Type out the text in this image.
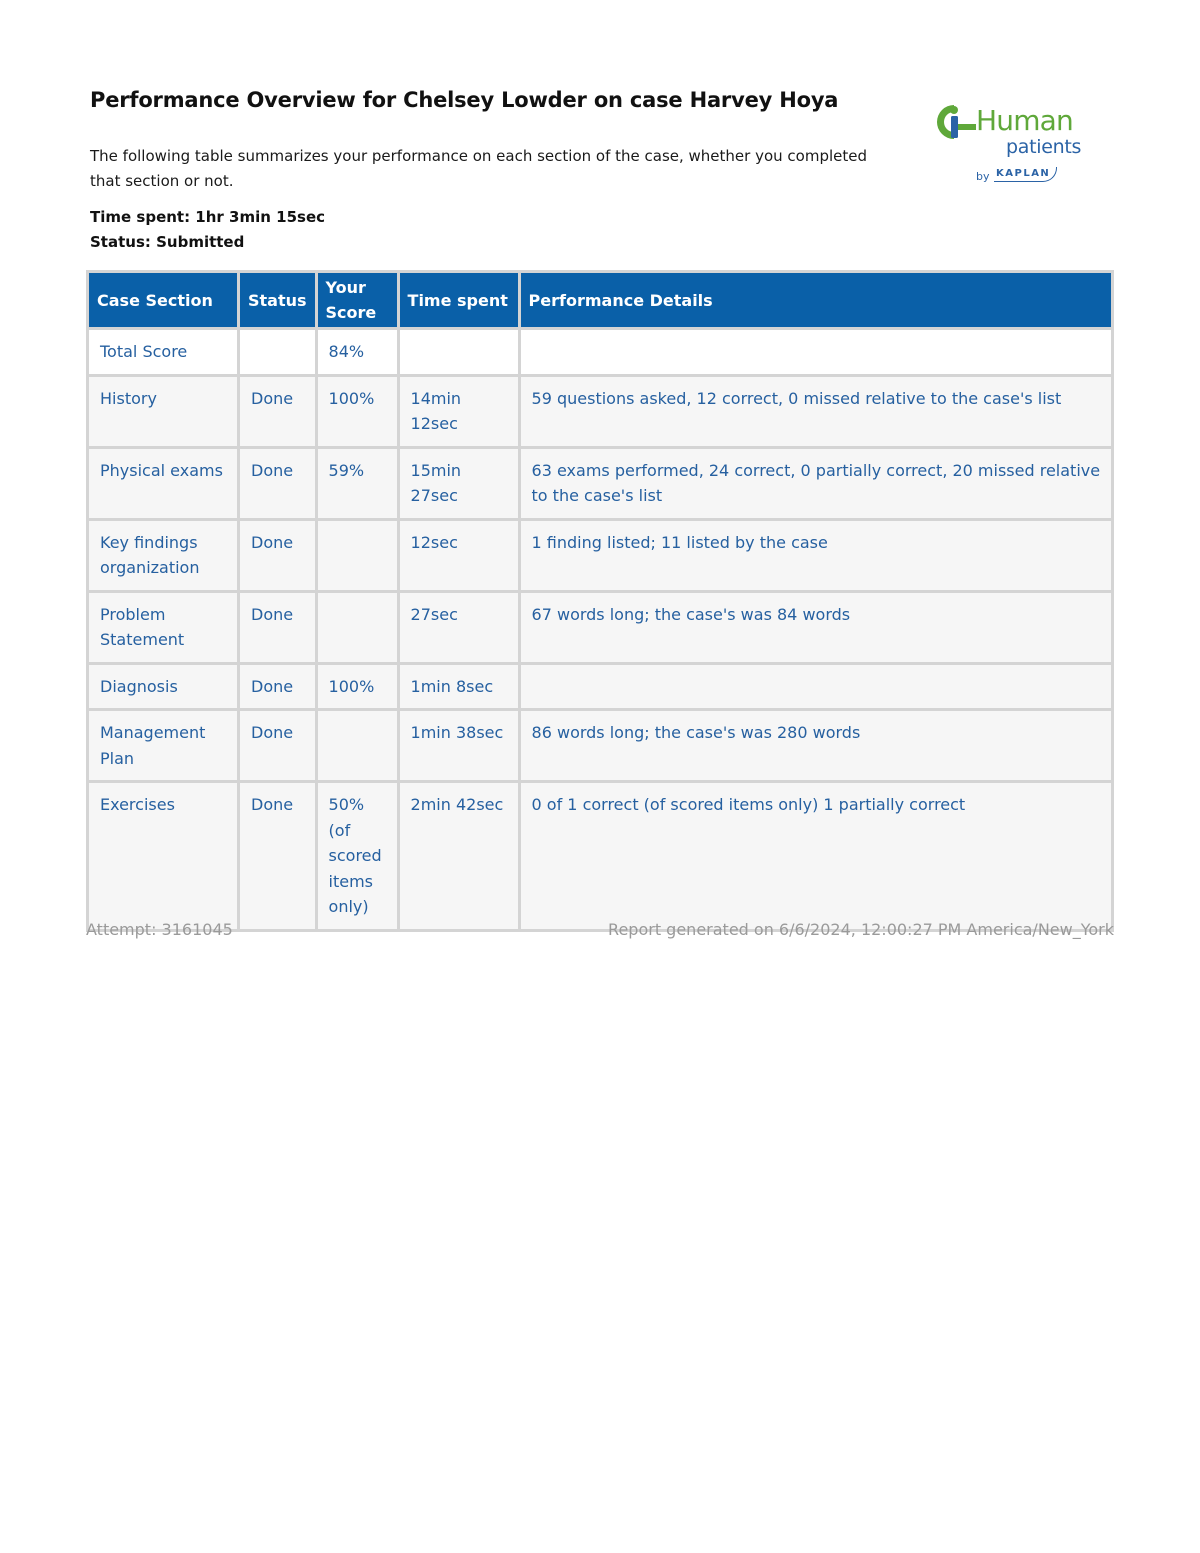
Performance Overview for Chelsey Lowder on case Harvey Hoya
The following table summarizes your performance on each section of the case, whether you completed that section or not.
Time spent: 1hr 3min 15sec
Status: Submitted
Human
patients
by KAPLAN
Case Section	Status	Your Score	Time spent	Performance Details
Total Score		84%		
History	Done	100%	14min 12sec	59 questions asked, 12 correct, 0 missed relative to the case's list
Physical exams	Done	59%	15min 27sec	63 exams performed, 24 correct, 0 partially correct, 20 missed relative to the case's list
Key findings organization	Done		12sec	1 finding listed; 11 listed by the case
Problem Statement	Done		27sec	67 words long; the case's was 84 words
Diagnosis	Done	100%	1min 8sec	
Management Plan	Done		1min 38sec	86 words long; the case's was 280 words
Exercises	Done	50% (of scored items only)	2min 42sec	0 of 1 correct (of scored items only) 1 partially correct
Attempt: 3161045	Report generated on 6/6/2024, 12:00:27 PM America/New_York
